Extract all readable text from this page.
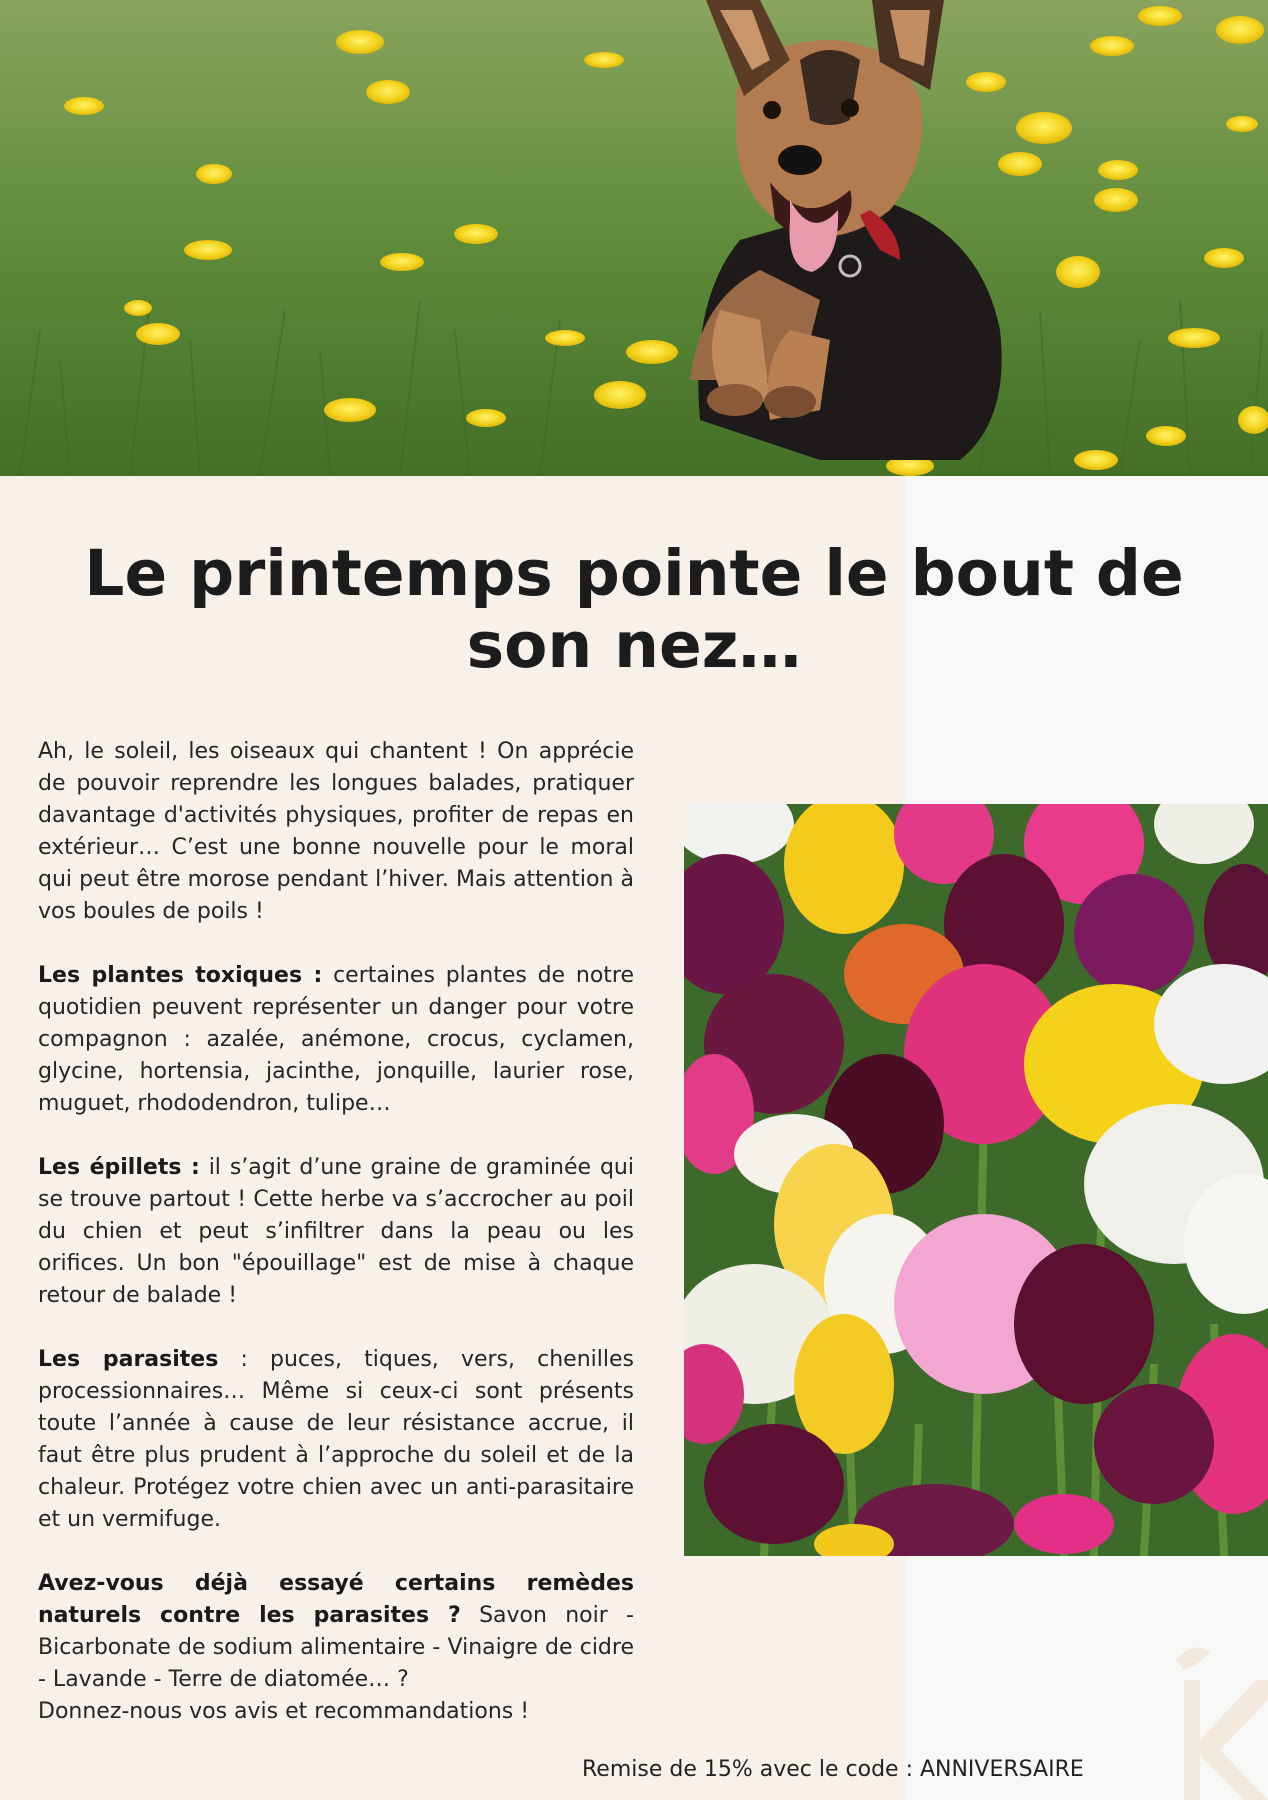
Le printemps pointe le bout de son nez…

Ah, le soleil, les oiseaux qui chantent ! On apprécie de pouvoir reprendre les longues balades, pratiquer davantage d'activités physiques, profiter de repas en extérieur… C’est une bonne nouvelle pour le moral qui peut être morose pendant l’hiver. Mais attention à vos boules de poils !

Les plantes toxiques : certaines plantes de notre quotidien peuvent représenter un danger pour votre compagnon : azalée, anémone, crocus, cyclamen, glycine, hortensia, jacinthe, jonquille, laurier rose, muguet, rhododendron, tulipe…

Les épillets : il s’agit d’une graine de graminée qui se trouve partout ! Cette herbe va s’accrocher au poil du chien et peut s’infiltrer dans la peau ou les orifices. Un bon "épouillage" est de mise à chaque retour de balade !

Les parasites : puces, tiques, vers, chenilles processionnaires… Même si ceux-ci sont présents toute l’année à cause de leur résistance accrue, il faut être plus prudent à l’approche du soleil et de la chaleur. Protégez votre chien avec un anti-parasitaire et un vermifuge.

Avez-vous déjà essayé certains remèdes naturels contre les parasites ? Savon noir - Bicarbonate de sodium alimentaire - Vinaigre de cidre - Lavande - Terre de diatomée… ?
Donnez-nous vos avis et recommandations !

Remise de 15% avec le code : ANNIVERSAIRE
